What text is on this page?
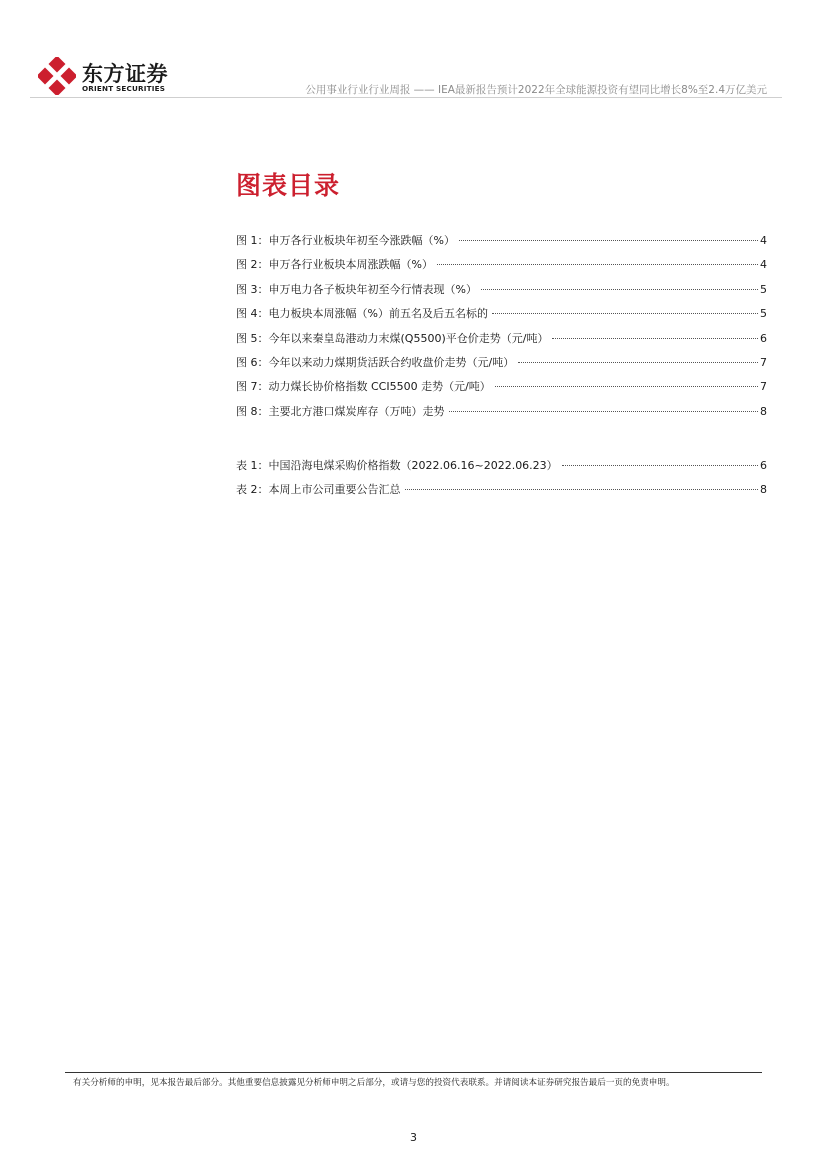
东方证券
ORIENT SECURITIES	公用事业行业行业周报 —— IEA最新报告预计2022年全球能源投资有望同比增长8%至2.4万亿美元
图表目录
图 1： 申万各行业板块年初至今涨跌幅（%）	4
图 2： 申万各行业板块本周涨跌幅（%）	4
图 3： 申万电力各子板块年初至今行情表现（%）	5
图 4： 电力板块本周涨幅（%）前五名及后五名标的	5
图 5： 今年以来秦皇岛港动力末煤(Q5500)平仓价走势（元/吨）	6
图 6： 今年以来动力煤期货活跃合约收盘价走势（元/吨）	7
图 7： 动力煤长协价格指数 CCI5500 走势（元/吨）	7
图 8： 主要北方港口煤炭库存（万吨）走势	8
表 1： 中国沿海电煤采购价格指数（2022.06.16~2022.06.23）	6
表 2： 本周上市公司重要公告汇总	8
有关分析师的申明，见本报告最后部分。其他重要信息披露见分析师申明之后部分，或请与您的投资代表联系。并请阅读本证券研究报告最后一页的免责申明。
3
